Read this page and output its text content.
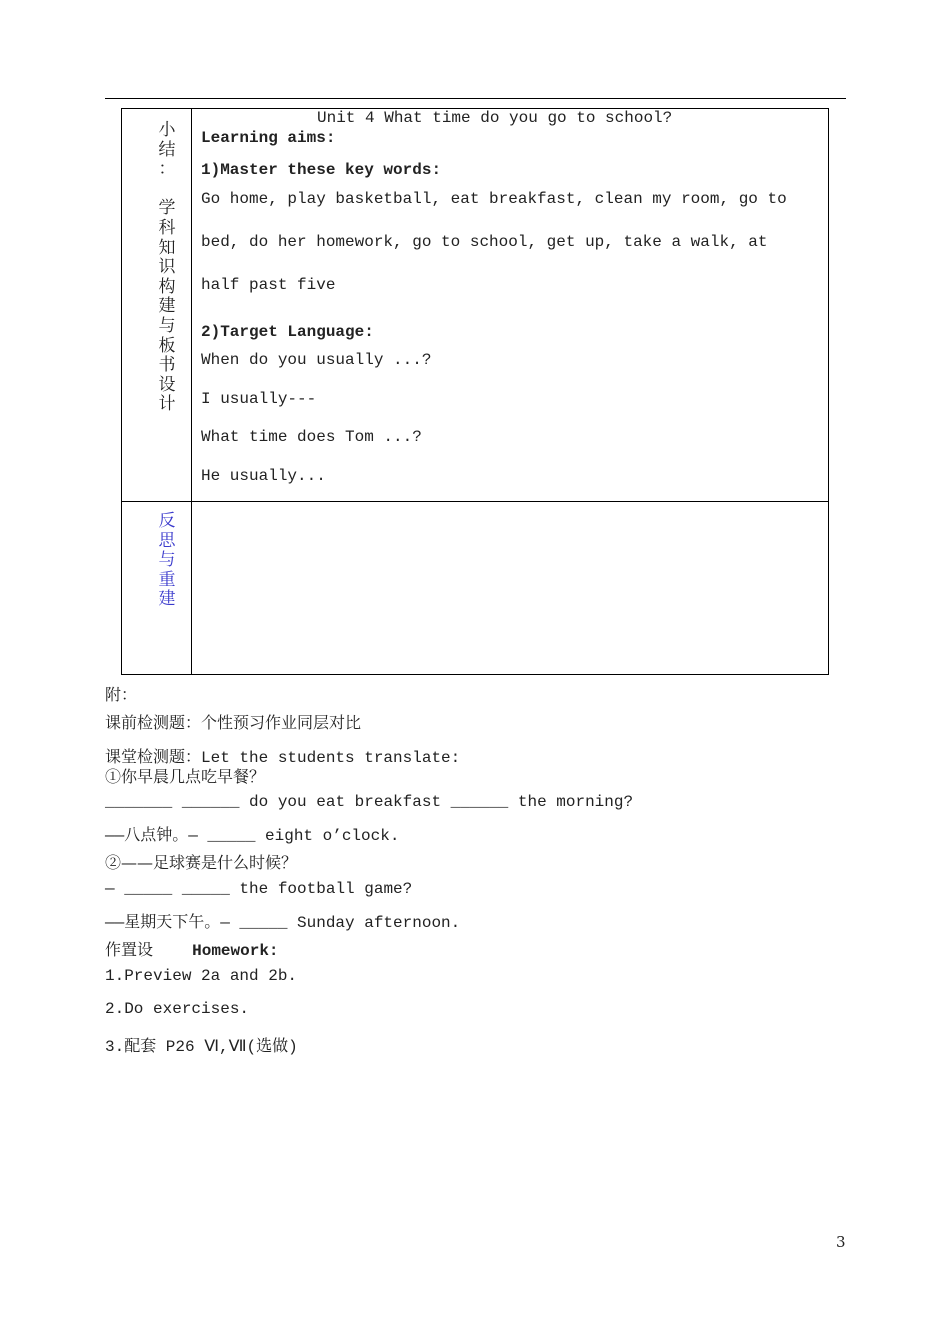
小
结
：

学
科
知
识
构
建
与
板
书
设
计
Unit 4 What time do you go to school?
Learning aims:
1)Master these key words:
Go home, play basketball, eat breakfast, clean my room, go to
bed, do her homework, go to school, get up, take a walk, at
half past five
2)Target Language:
When do you usually ...?
I usually---
What time does Tom ...?
He usually...
反
思
与
重
建
附：
课前检测题：个性预习作业同层对比
课堂检测题：Let the students translate:
①你早晨几点吃早餐？
_______ ______ do you eat breakfast ______ the morning?
——八点钟。— _____ eight o’clock.
②——足球赛是什么时候？
— _____ _____ the football game?
——星期天下午。— _____ Sunday afternoon.
作置设 Homework:
1.Preview 2a and 2b.
2.Do exercises.
3.配套 P26 Ⅵ,Ⅶ(选做)
3
